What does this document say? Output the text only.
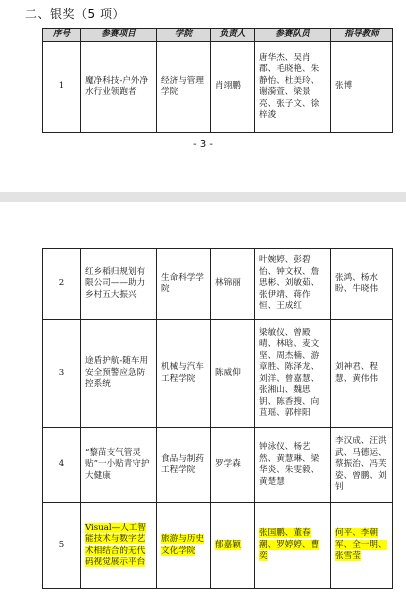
二、银奖（5 项）
序号	参赛项目	学院	负责人	参赛队员	指导教师
1	魔净科技-户外净水行业领跑者	经济与管理学院	肖翊鹏	唐华杰、吴肖郡、毛晓艳、朱静怡、杜美玲、谢漪萱、梁景亮、张子文、徐梓浚	张博
- 3 -
2	红乡稻归规划有限公司——助力乡村五大振兴	生命科学学院	林锦丽	叶婉婷、彭碧怡、钟文权、詹思彬、刘敏茹、张伊靖、蒋作恒、王成红	张鸿、杨水盼、牛晓伟
3	途盾护航-随车用安全预警应急防控系统	机械与汽车工程学院	陈威仰	梁敏仪、曾殿晴、林晗、麦文坚、周杰楠、游章胜、陈泽龙、刘洋、曾嘉慧、张湘山、魏思钥、陈香搜、向苴瑶、郭梓阳	刘神君、程慧、黄伟伟
4	“黎苗支气管灵贴”一小贴青守护大健康	食品与制药工程学院	罗学森	钟泳仪、杨艺然、黄慧琳、梁华炎、朱雯毅、黄楚慧	李汉成、汪洪武、马德运、蔡振治、冯芙姿、曾鹏、刘钊
5	Visual—人工智能技术与数字艺术相结合的无代码视觉展示平台	旅游与历史文化学院	郁嘉颖	张国鹏、董春潮、罗婷婷、曹奕	何平、李朝军、全一明、张雪莹
